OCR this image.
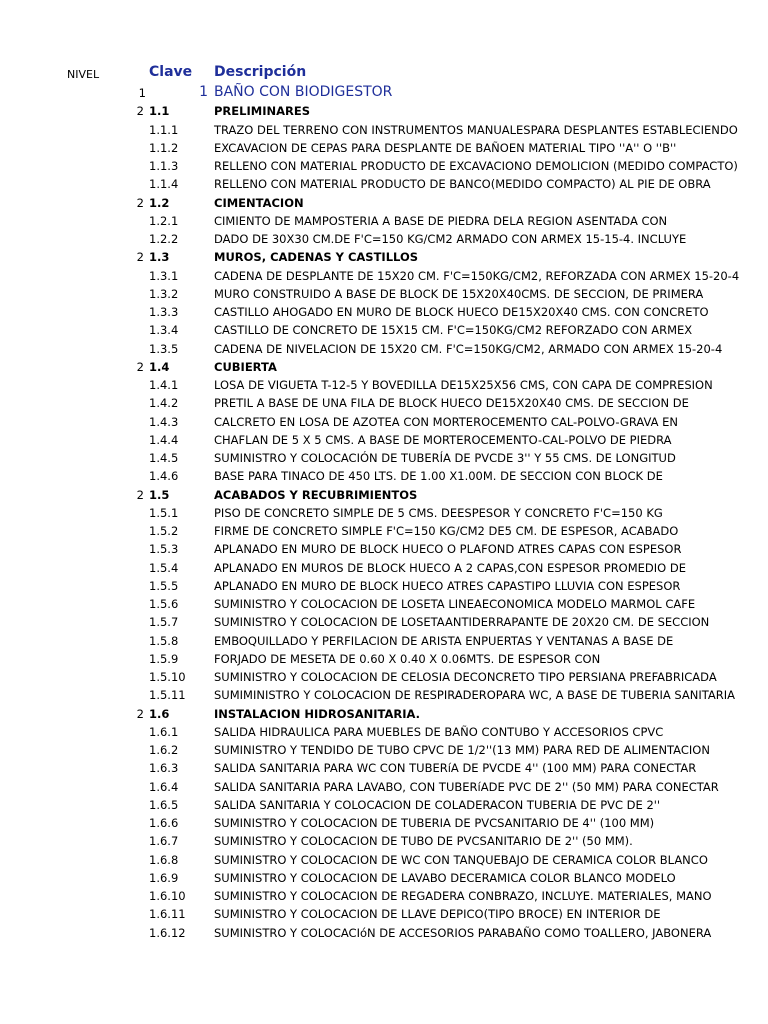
NIVEL	Clave Descripción
1	1 BAÑO CON BIODIGESTOR
2 1.1	PRELIMINARES
1.1.1	TRAZO DEL TERRENO CON INSTRUMENTOS MANUALESPARA DESPLANTES ESTABLECIENDO
1.1.2	EXCAVACION DE CEPAS PARA DESPLANTE DE BAÑOEN MATERIAL TIPO ''A'' O ''B''
1.1.3	RELLENO CON MATERIAL PRODUCTO DE EXCAVACIONO DEMOLICION (MEDIDO COMPACTO)
1.1.4	RELLENO CON MATERIAL PRODUCTO DE BANCO(MEDIDO COMPACTO) AL PIE DE OBRA
2 1.2	CIMENTACION
1.2.1	CIMIENTO DE MAMPOSTERIA A BASE DE PIEDRA DELA REGION ASENTADA CON
1.2.2	DADO DE 30X30 CM.DE F'C=150 KG/CM2 ARMADO CON ARMEX 15-15-4. INCLUYE
2 1.3	MUROS, CADENAS Y CASTILLOS
1.3.1	CADENA DE DESPLANTE DE 15X20 CM. F'C=150KG/CM2, REFORZADA CON ARMEX 15-20-4
1.3.2	MURO CONSTRUIDO A BASE DE BLOCK DE 15X20X40CMS. DE SECCION, DE PRIMERA
1.3.3	CASTILLO AHOGADO EN MURO DE BLOCK HUECO DE15X20X40 CMS. CON CONCRETO
1.3.4	CASTILLO DE CONCRETO DE 15X15 CM. F'C=150KG/CM2 REFORZADO CON ARMEX
1.3.5	CADENA DE NIVELACION DE 15X20 CM. F'C=150KG/CM2, ARMADO CON ARMEX 15-20-4
2 1.4	CUBIERTA
1.4.1	LOSA DE VIGUETA T-12-5 Y BOVEDILLA DE15X25X56 CMS, CON CAPA DE COMPRESION
1.4.2	PRETIL A BASE DE UNA FILA DE BLOCK HUECO DE15X20X40 CMS. DE SECCION DE
1.4.3	CALCRETO EN LOSA DE AZOTEA CON MORTEROCEMENTO CAL-POLVO-GRAVA EN
1.4.4	CHAFLAN DE 5 X 5 CMS. A BASE DE MORTEROCEMENTO-CAL-POLVO DE PIEDRA
1.4.5	SUMINISTRO Y COLOCACIÓN DE TUBERÍA DE PVCDE 3'' Y 55 CMS. DE LONGITUD
1.4.6	BASE PARA TINACO DE 450 LTS. DE 1.00 X1.00M. DE SECCION CON BLOCK DE
2 1.5	ACABADOS Y RECUBRIMIENTOS
1.5.1	PISO DE CONCRETO SIMPLE DE 5 CMS. DEESPESOR Y CONCRETO F'C=150 KG
1.5.2	FIRME DE CONCRETO SIMPLE F'C=150 KG/CM2 DE5 CM. DE ESPESOR, ACABADO
1.5.3	APLANADO EN MURO DE BLOCK HUECO O PLAFOND ATRES CAPAS CON ESPESOR
1.5.4	APLANADO EN MUROS DE BLOCK HUECO A 2 CAPAS,CON ESPESOR PROMEDIO DE
1.5.5	APLANADO EN MURO DE BLOCK HUECO ATRES CAPASTIPO LLUVIA CON ESPESOR
1.5.6	SUMINISTRO Y COLOCACION DE LOSETA LINEAECONOMICA MODELO MARMOL CAFE
1.5.7	SUMINISTRO Y COLOCACION DE LOSETAANTIDERRAPANTE DE 20X20 CM. DE SECCION
1.5.8	EMBOQUILLADO Y PERFILACION DE ARISTA ENPUERTAS Y VENTANAS A BASE DE
1.5.9	FORJADO DE MESETA DE 0.60 X 0.40 X 0.06MTS. DE ESPESOR CON
1.5.10 SUMINISTRO Y COLOCACION DE CELOSIA DECONCRETO TIPO PERSIANA PREFABRICADA
1.5.11 SUMIMINISTRO Y COLOCACION DE RESPIRADEROPARA WC, A BASE DE TUBERIA SANITARIA
2 1.6	INSTALACION HIDROSANITARIA.
1.6.1	SALIDA HIDRAULICA PARA MUEBLES DE BAÑO CONTUBO Y ACCESORIOS CPVC
1.6.2	SUMINISTRO Y TENDIDO DE TUBO CPVC DE 1/2''(13 MM) PARA RED DE ALIMENTACION
1.6.3	SALIDA SANITARIA PARA WC CON TUBERíA DE PVCDE 4'' (100 MM) PARA CONECTAR
1.6.4	SALIDA SANITARIA PARA LAVABO, CON TUBERíADE PVC DE 2'' (50 MM) PARA CONECTAR
1.6.5	SALIDA SANITARIA Y COLOCACION DE COLADERACON TUBERIA DE PVC DE 2''
1.6.6	SUMINISTRO Y COLOCACION DE TUBERIA DE PVCSANITARIO DE 4'' (100 MM)
1.6.7	SUMINISTRO Y COLOCACION DE TUBO DE PVCSANITARIO DE 2'' (50 MM).
1.6.8	SUMINISTRO Y COLOCACION DE WC CON TANQUEBAJO DE CERAMICA COLOR BLANCO
1.6.9	SUMINISTRO Y COLOCACION DE LAVABO DECERAMICA COLOR BLANCO MODELO
1.6.10 SUMINISTRO Y COLOCACION DE REGADERA CONBRAZO, INCLUYE. MATERIALES, MANO
1.6.11 SUMINISTRO Y COLOCACION DE LLAVE DEPICO(TIPO BROCE) EN INTERIOR DE
1.6.12 SUMINISTRO Y COLOCACIóN DE ACCESORIOS PARABAÑO COMO TOALLERO, JABONERA
